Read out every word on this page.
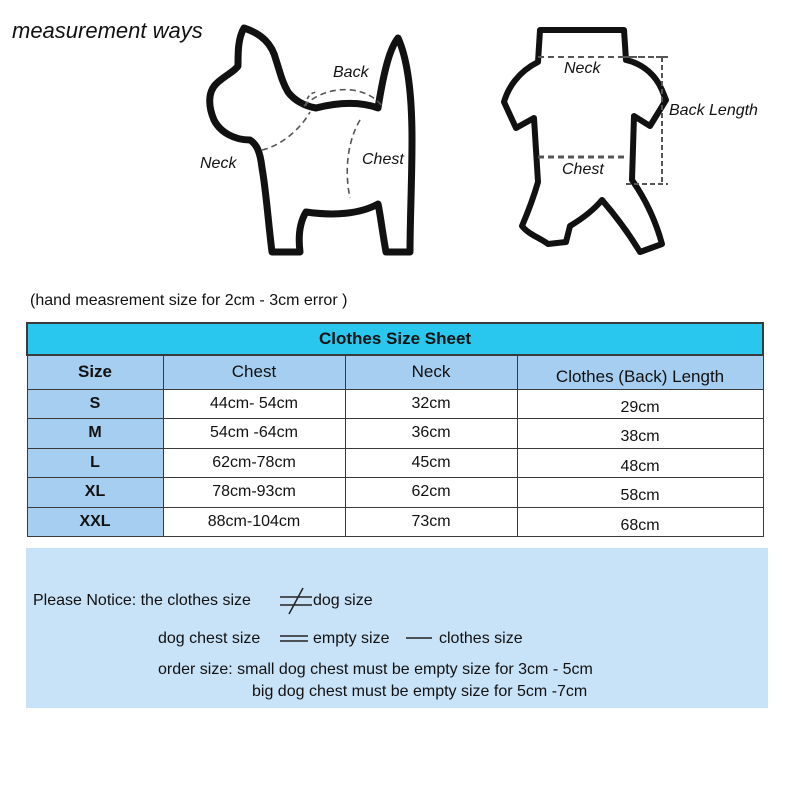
measurement ways
Back
Neck	Chest
Neck
Back Length
Chest
(hand measrement size for 2cm - 3cm error )
Clothes Size Sheet			
Size	Chest	Neck	Clothes (Back) Length
S	44cm- 54cm	32cm	29cm
M	54cm -64cm	36cm	38cm
L	62cm-78cm	45cm	48cm
XL	78cm-93cm	62cm	58cm
XXL	88cm-104cm	73cm	68cm
Please Notice: the clothes size	dog size
dog chest size	empty size	clothes size
order size: small dog chest must be empty size for 3cm - 5cm
big dog chest must be empty size for 5cm -7cm
